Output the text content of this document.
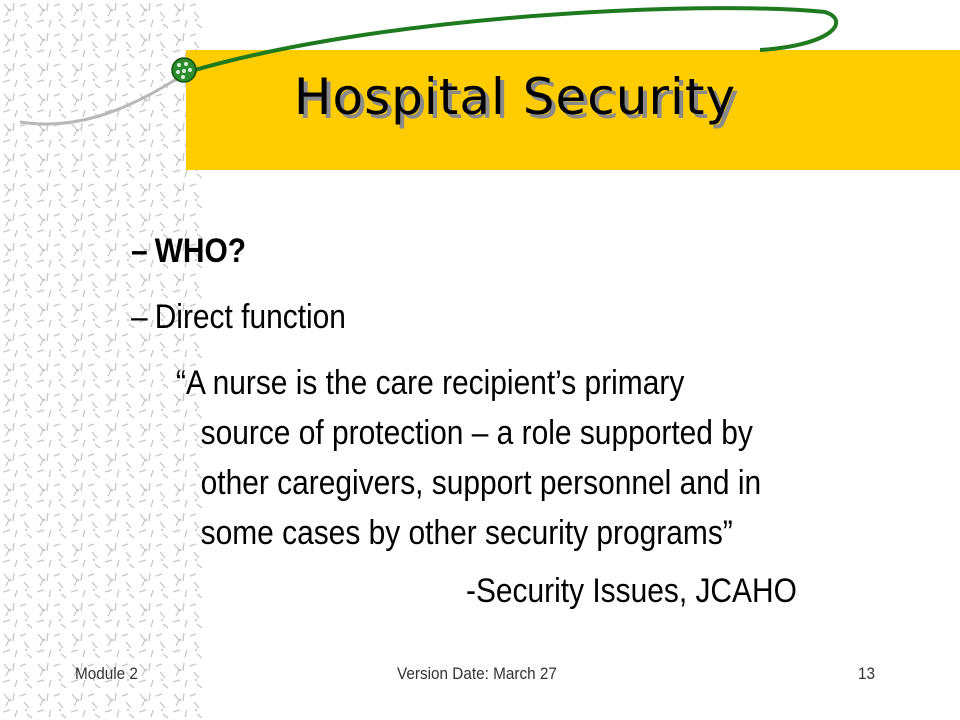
Hospital Security
– WHO?
– Direct function
“A nurse is the care recipient’s primary
source of protection – a role supported by
other caregivers, support personnel and in
some cases by other security programs”
-Security Issues, JCAHO
Module 2	Version Date: March 27	13
